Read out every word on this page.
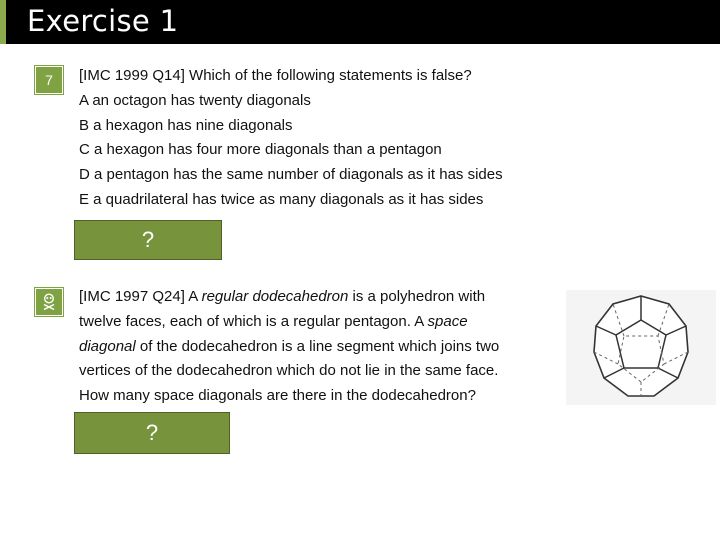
Exercise 1
7	[IMC 1999 Q14] Which of the following statements is false?
A an octagon has twenty diagonals
B a hexagon has nine diagonals
C a hexagon has four more diagonals than a pentagon
D a pentagon has the same number of diagonals as it has sides
E a quadrilateral has twice as many diagonals as it has sides
?
[IMC 1997 Q24] A regular dodecahedron is a polyhedron with
twelve faces, each of which is a regular pentagon. A space
diagonal of the dodecahedron is a line segment which joins two
vertices of the dodecahedron which do not lie in the same face.
How many space diagonals are there in the dodecahedron?
?
